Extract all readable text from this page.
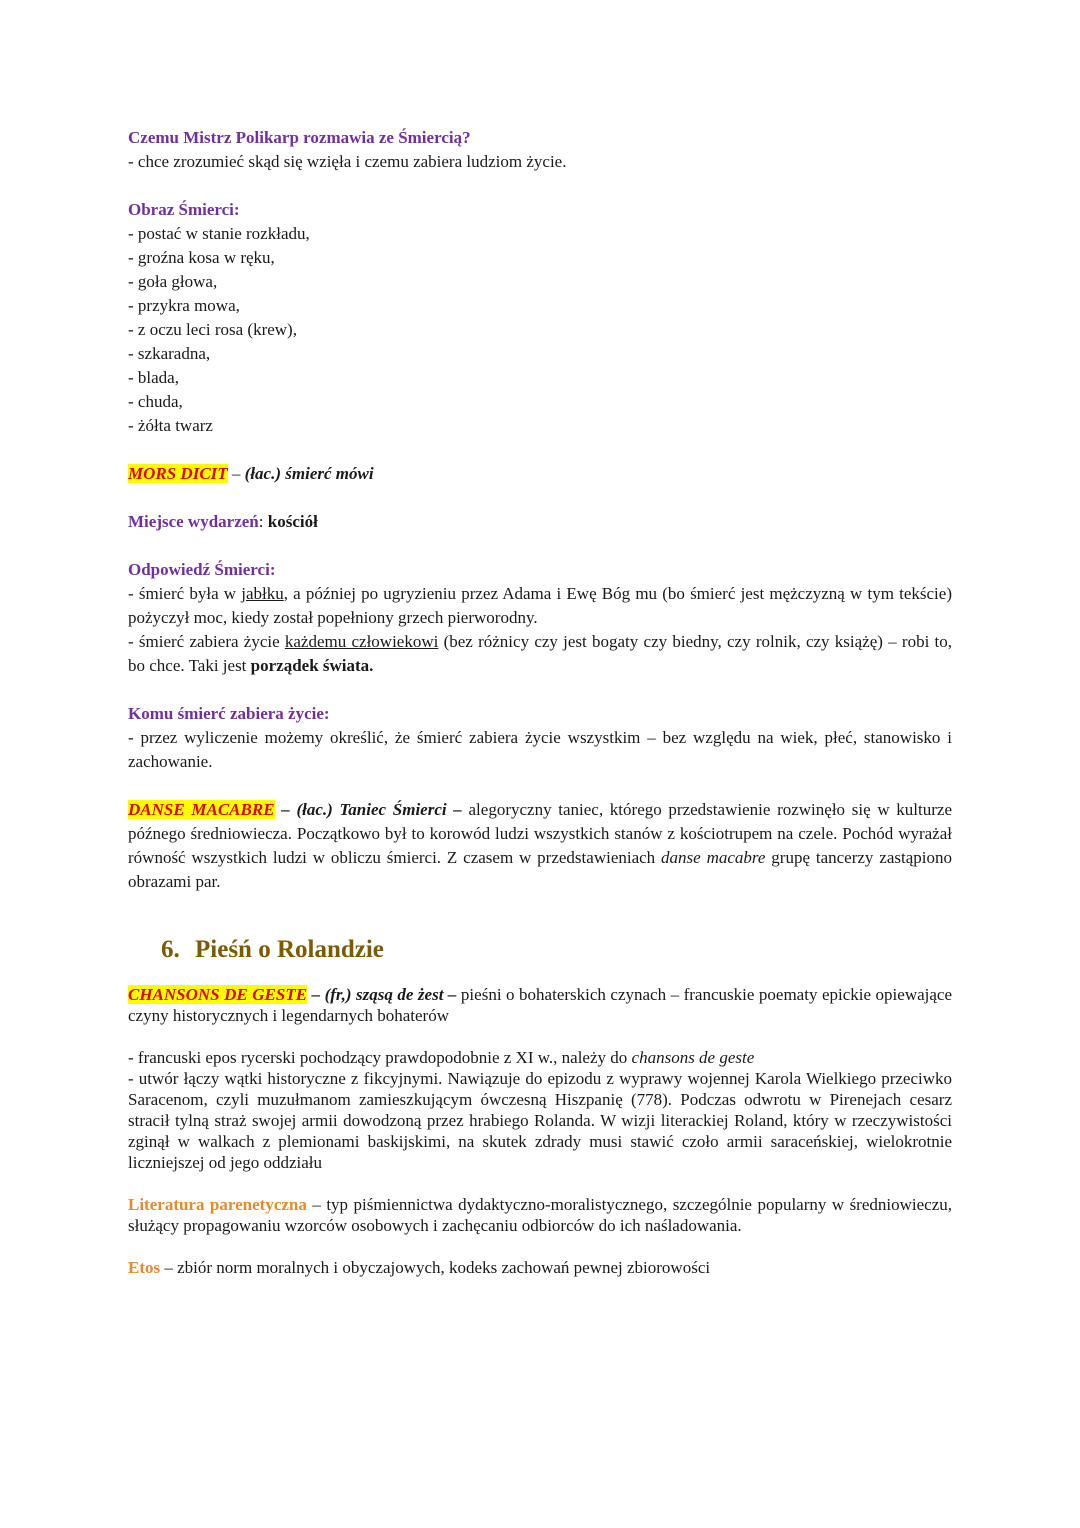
Czemu Mistrz Polikarp rozmawia ze Śmiercią?
- chce zrozumieć skąd się wzięła i czemu zabiera ludziom życie.
Obraz Śmierci:
- postać w stanie rozkładu,
- groźna kosa w ręku,
- goła głowa,
- przykra mowa,
- z oczu leci rosa (krew),
- szkaradna,
- blada,
- chuda,
- żółta twarz
MORS DICIT – (łac.) śmierć mówi
Miejsce wydarzeń: kościół
Odpowiedź Śmierci:
- śmierć była w jabłku, a później po ugryzieniu przez Adama i Ewę Bóg mu (bo śmierć jest mężczyzną w tym tekście) pożyczył moc, kiedy został popełniony grzech pierworodny.
- śmierć zabiera życie każdemu człowiekowi (bez różnicy czy jest bogaty czy biedny, czy rolnik, czy książę) – robi to, bo chce. Taki jest porządek świata.
Komu śmierć zabiera życie:
- przez wyliczenie możemy określić, że śmierć zabiera życie wszystkim – bez względu na wiek, płeć, stanowisko i zachowanie.
DANSE MACABRE – (łac.) Taniec Śmierci – alegoryczny taniec, którego przedstawienie rozwinęło się w kulturze późnego średniowiecza. Początkowo był to korowód ludzi wszystkich stanów z kościotrupem na czele. Pochód wyrażał równość wszystkich ludzi w obliczu śmierci. Z czasem w przedstawieniach danse macabre grupę tancerzy zastąpiono obrazami par.
6. Pieśń o Rolandzie
CHANSONS DE GESTE – (fr,) sząsą de żest – pieśni o bohaterskich czynach – francuskie poematy epickie opiewające czyny historycznych i legendarnych bohaterów
- francuski epos rycerski pochodzący prawdopodobnie z XI w., należy do chansons de geste
- utwór łączy wątki historyczne z fikcyjnymi. Nawiązuje do epizodu z wyprawy wojennej Karola Wielkiego przeciwko Saracenom, czyli muzułmanom zamieszkującym ówczesną Hiszpanię (778). Podczas odwrotu w Pirenejach cesarz stracił tylną straż swojej armii dowodzoną przez hrabiego Rolanda. W wizji literackiej Roland, który w rzeczywistości zginął w walkach z plemionami baskijskimi, na skutek zdrady musi stawić czoło armii saraceńskiej, wielokrotnie liczniejszej od jego oddziału
Literatura parenetyczna – typ piśmiennictwa dydaktyczno-moralistycznego, szczególnie popularny w średniowieczu, służący propagowaniu wzorców osobowych i zachęcaniu odbiorców do ich naśladowania.
Etos – zbiór norm moralnych i obyczajowych, kodeks zachowań pewnej zbiorowości
